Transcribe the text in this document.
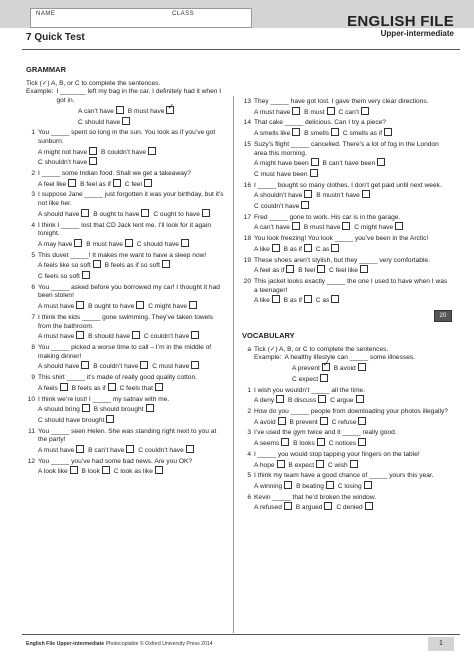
NAME	CLASS	ENGLISH FILE
Upper-intermediate
7 Quick Test

GRAMMAR

Tick (✓) A, B, or C to complete the sentences.

Example: I _______ left my bag in the car. I definitely had it when I got in.
A can’t have B must have✓
C should have
1 You _____ spent so long in the sun. You look as if you’ve got sunburn.
A might not have B couldn’t have
C shouldn’t have
2 I _____ some Indian food. Shall we get a takeaway?
A feel like B feel as if C feel
3 I suppose Jane _____ just forgotten it was your birthday, but it’s not like her.
A should have B ought to have C ought to have
4 I think I _____ lost that CD Jack lent me. I’ll look for it again tonight.
A may have B must have C should have
5 This duvet _____! It makes me want to have a sleep now!
A feels like so soft B feels as if so soft
C feels so soft
6 You _____ asked before you borrowed my car! I thought it had been stolen!
A must have B ought to have C might have
7 I think the kids _____ gone swimming. They’ve taken towels from the bathroom.
A must have B should have C couldn’t have
8 You _____ picked a worse time to call – I’m in the middle of making dinner!
A should have B couldn’t have C must have
9 This shirt _____ it’s made of really good quality cotton.
A feels B feels as if C feels that
10 I think we’re lost! I _____ my satnav with me.
A should bring B should brought
C should have brought
11 You _____ seen Helen. She was standing right next to you at the party!
A must have B can’t have C couldn’t have
12 You _____ you’ve had some bad news. Are you OK?
A look like B look C look as like
13 They _____ have got lost. I gave them very clear directions.
A must have B must C can’t
14 That cake _____ delicious. Can I try a piece?
A smells like B smells C smells as if
15 Suzy’s flight _____ cancelled. There’s a lot of fog in the London area this morning.
A might have been B can’t have been
C must have been
16 I _____ bought so many clothes. I don’t get paid until next week.
A shouldn’t have B mustn’t have
C couldn’t have
17 Fred _____ gone to work. His car is in the garage.
A can’t have B must have C might have
18 You look freezing! You look _____ you’ve been in the Arctic!
A like B as if C as
19 These shoes aren’t stylish, but they _____ very comfortable.
A feel as if B feel C feel like
20 This jacket looks exactly _____ the one I used to have when I was a teenager!
A like B as if C as
20

VOCABULARY

a Tick (✓) A, B, or C to complete the sentences.
Example: A healthy lifestyle can _____ some illnesses.
A prevent✓ B avoid
C expect
1 I wish you wouldn’t _____ all the time.
A deny B discuss C argue
2 How do you _____ people from downloading your photos illegally?
A avoid B prevent C refuse
3 I’ve used the gym twice and it _____ really good.
A seems B looks C notices
4 I _____ you would stop tapping your fingers on the table!
A hope B expect C wish
5 I think my team have a good chance of _____ yours this year.
A winning B beating C losing
6 Kevin _____ that he’d broken the window.
A refused B argued C denied
English File Upper-intermediate Photocopiable © Oxford University Press 2014	1
